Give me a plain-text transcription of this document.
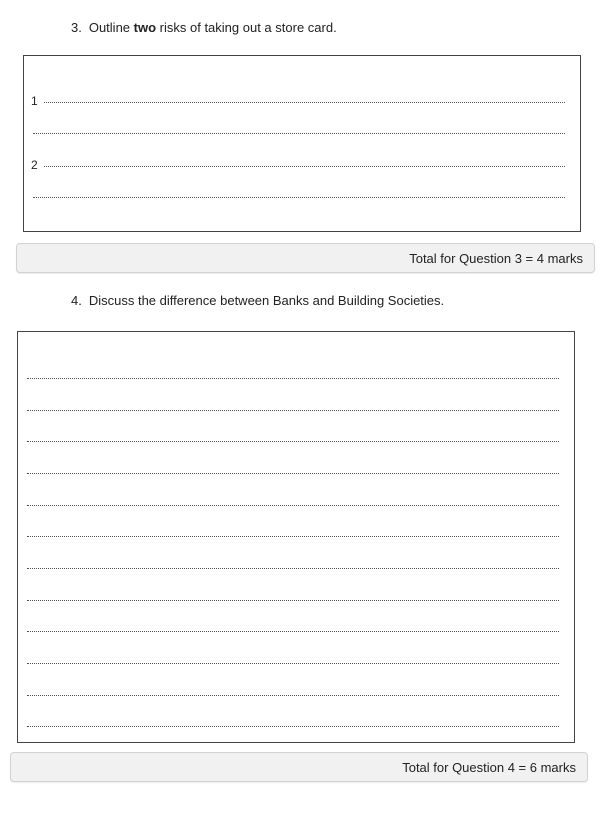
3. Outline two risks of taking out a store card.
1
2
Total for Question 3 = 4 marks
4. Discuss the difference between Banks and Building Societies.
Total for Question 4 = 6 marks
